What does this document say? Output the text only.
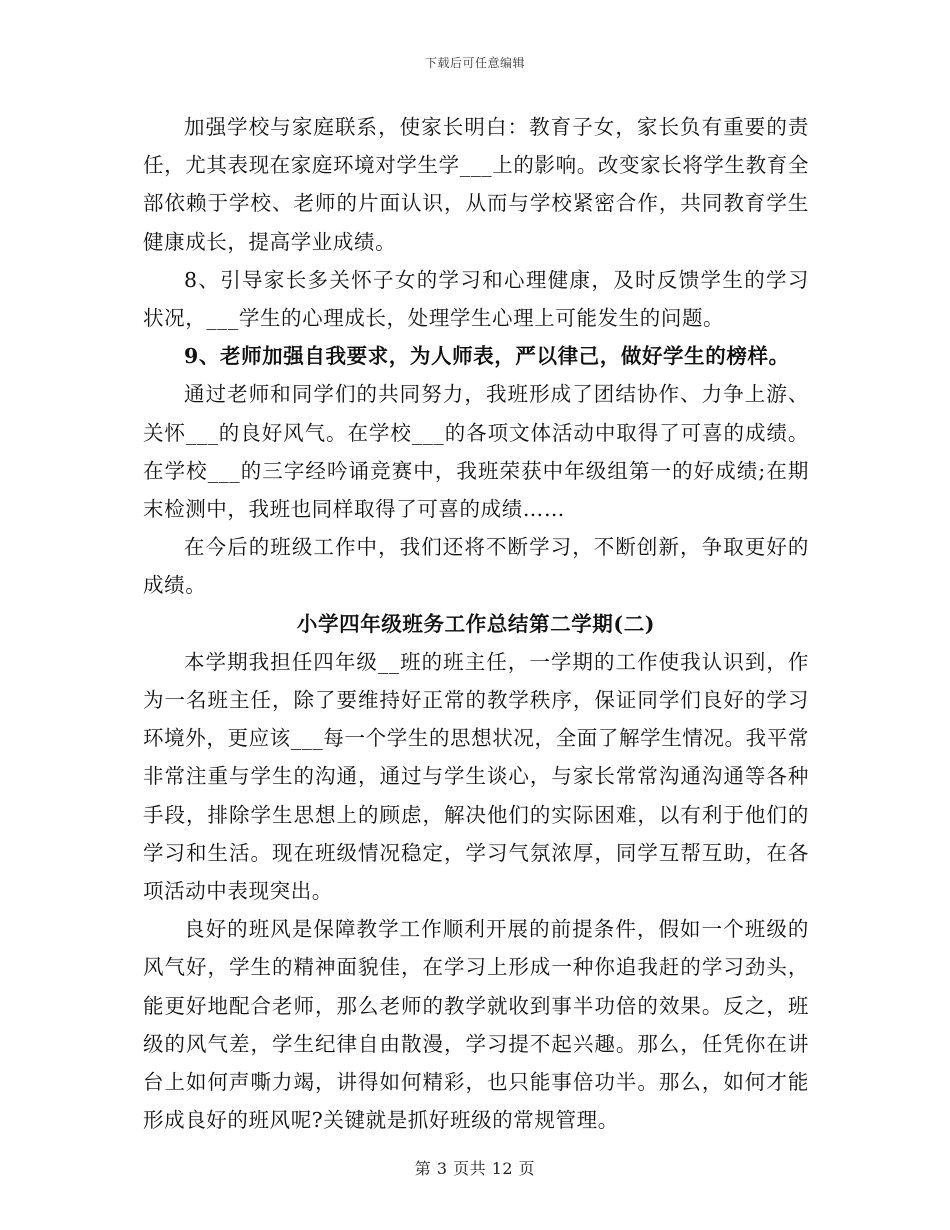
下载后可任意编辑

加强学校与家庭联系，使家长明白：教育子女，家长负有重要的责任，尤其表现在家庭环境对学生学___上的影响。改变家长将学生教育全部依赖于学校、老师的片面认识，从而与学校紧密合作，共同教育学生健康成长，提高学业成绩。

8、引导家长多关怀子女的学习和心理健康，及时反馈学生的学习状况，___学生的心理成长，处理学生心理上可能发生的问题。

9、老师加强自我要求，为人师表，严以律己，做好学生的榜样。

通过老师和同学们的共同努力，我班形成了团结协作、力争上游、关怀___的良好风气。在学校___的各项文体活动中取得了可喜的成绩。在学校___的三字经吟诵竞赛中，我班荣获中年级组第一的好成绩;在期末检测中，我班也同样取得了可喜的成绩……

在今后的班级工作中，我们还将不断学习，不断创新，争取更好的成绩。

小学四年级班务工作总结第二学期(二)

本学期我担任四年级__班的班主任，一学期的工作使我认识到，作为一名班主任，除了要维持好正常的教学秩序，保证同学们良好的学习环境外，更应该___每一个学生的思想状况，全面了解学生情况。我平常非常注重与学生的沟通，通过与学生谈心，与家长常常沟通沟通等各种手段，排除学生思想上的顾虑，解决他们的实际困难，以有利于他们的学习和生活。现在班级情况稳定，学习气氛浓厚，同学互帮互助，在各项活动中表现突出。

良好的班风是保障教学工作顺利开展的前提条件，假如一个班级的风气好，学生的精神面貌佳，在学习上形成一种你追我赶的学习劲头，能更好地配合老师，那么老师的教学就收到事半功倍的效果。反之，班级的风气差，学生纪律自由散漫，学习提不起兴趣。那么，任凭你在讲台上如何声嘶力竭，讲得如何精彩，也只能事倍功半。那么，如何才能形成良好的班风呢?关键就是抓好班级的常规管理。

第 3 页共 12 页
